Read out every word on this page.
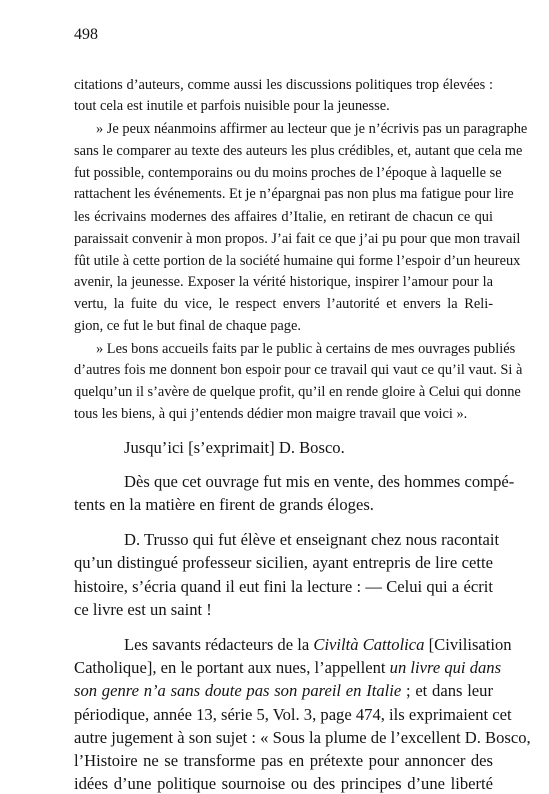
498
citations d’auteurs, comme aussi les discussions politiques trop élevées :
tout cela est inutile et parfois nuisible pour la jeunesse.
» Je peux néanmoins affirmer au lecteur que je n’écrivis pas un paragraphe
sans le comparer au texte des auteurs les plus crédibles, et, autant que cela me
fut possible, contemporains ou du moins proches de l’époque à laquelle se
rattachent les événements. Et je n’épargnai pas non plus ma fatigue pour lire
les écrivains modernes des affaires d’Italie, en retirant de chacun ce qui
paraissait convenir à mon propos. J’ai fait ce que j’ai pu pour que mon travail
fût utile à cette portion de la société humaine qui forme l’espoir d’un heureux
avenir, la jeunesse. Exposer la vérité historique, inspirer l’amour pour la
vertu, la fuite du vice, le respect envers l’autorité et envers la Reli-
gion, ce fut le but final de chaque page.
» Les bons accueils faits par le public à certains de mes ouvrages publiés
d’autres fois me donnent bon espoir pour ce travail qui vaut ce qu’il vaut. Si à
quelqu’un il s’avère de quelque profit, qu’il en rende gloire à Celui qui donne
tous les biens, à qui j’entends dédier mon maigre travail que voici ».
Jusqu’ici [s’exprimait] D. Bosco.
Dès que cet ouvrage fut mis en vente, des hommes compé-
tents en la matière en firent de grands éloges.
D. Trusso qui fut élève et enseignant chez nous racontait
qu’un distingué professeur sicilien, ayant entrepris de lire cette
histoire, s’écria quand il eut fini la lecture : — Celui qui a écrit
ce livre est un saint !
Les savants rédacteurs de la Civiltà Cattolica [Civilisation
Catholique], en le portant aux nues, l’appellent un livre qui dans
son genre n’a sans doute pas son pareil en Italie ; et dans leur
périodique, année 13, série 5, Vol. 3, page 474, ils exprimaient cet
autre jugement à son sujet : « Sous la plume de l’excellent D. Bosco,
l’Histoire ne se transforme pas en prétexte pour annoncer des
idées d’une politique sournoise ou des principes d’une liberté
